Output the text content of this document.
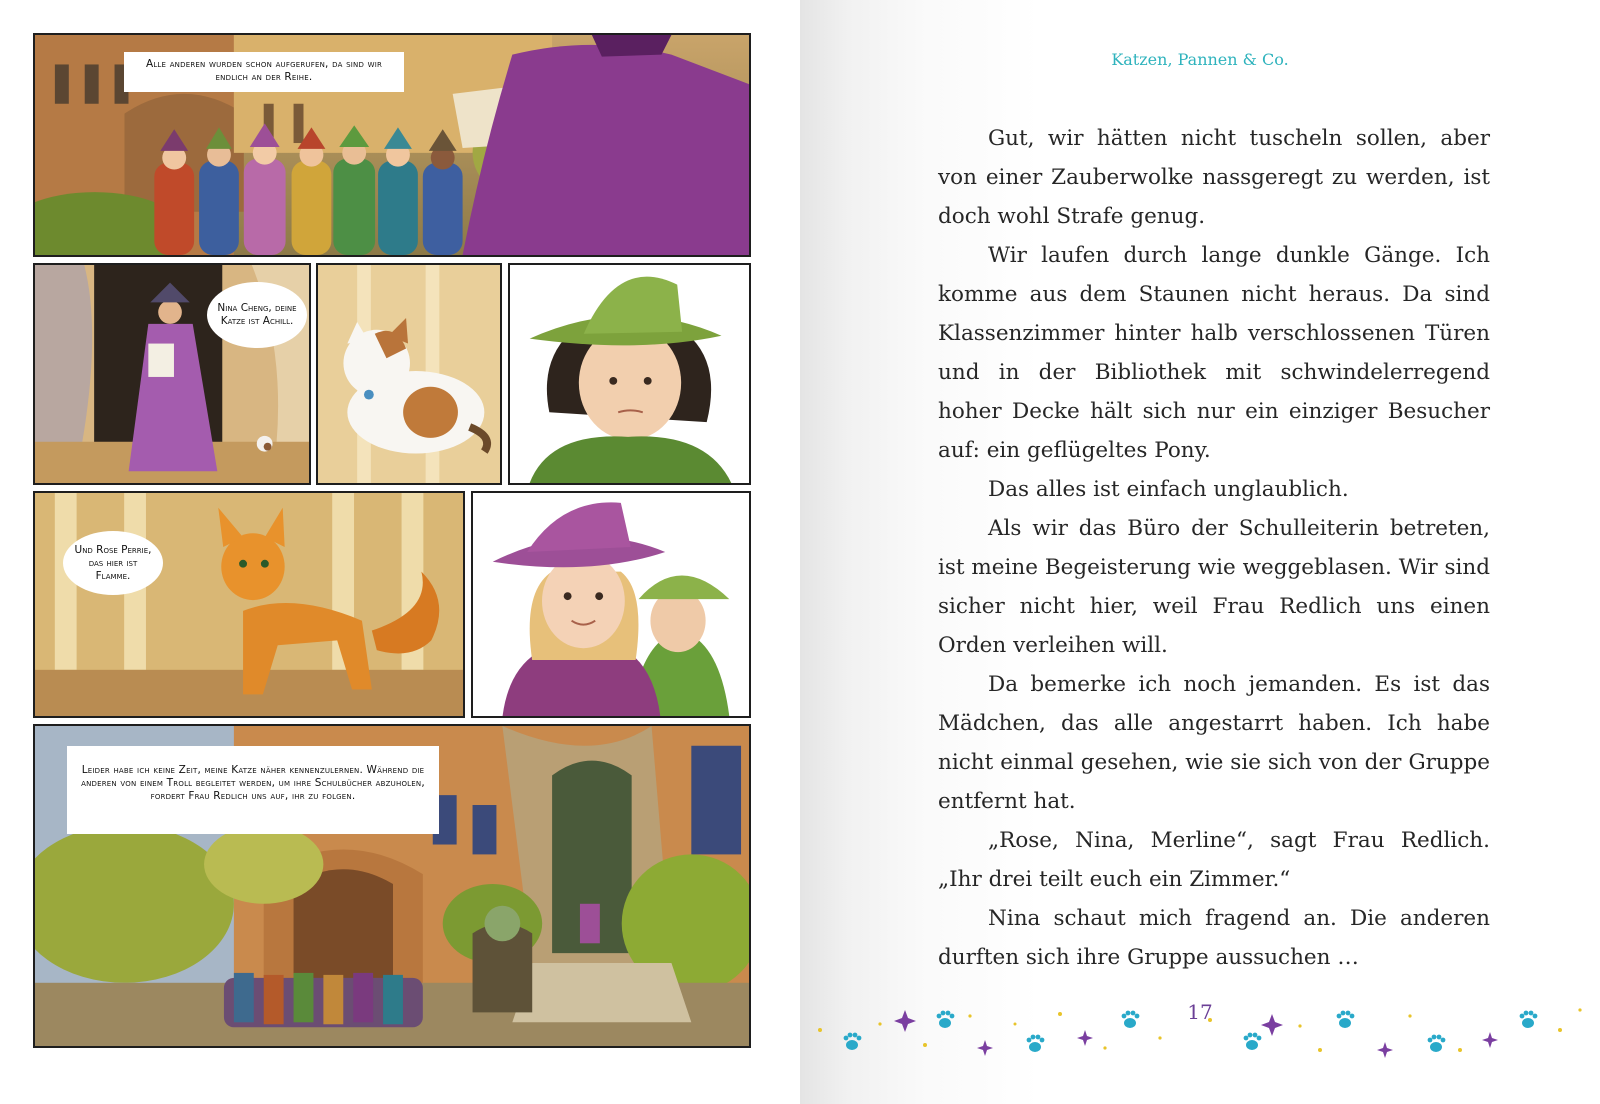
Alle anderen wurden schon aufgerufen, da sind wir endlich an der Reihe.
Nina Cheng, deine Katze ist Achill.
Und Rose Perrie, das hier ist Flamme.
Leider habe ich keine Zeit, meine Katze näher kennenzulernen. Während die anderen von einem Troll begleitet werden, um ihre Schulbücher abzuholen, fordert Frau Redlich uns auf, ihr zu folgen.
Katzen, Pannen & Co.

Gut, wir hätten nicht tuscheln sollen, aber von einer Zauberwolke nassgeregt zu werden, ist doch wohl Strafe genug.

Wir laufen durch lange dunkle Gänge. Ich komme aus dem Staunen nicht heraus. Da sind Klassenzimmer hinter halb verschlossenen Türen und in der Bibliothek mit schwindelerregend hoher Decke hält sich nur ein einziger Besucher auf: ein geflügeltes Pony.

Das alles ist einfach unglaublich.

Als wir das Büro der Schulleiterin betreten, ist meine Begeisterung wie weggeblasen. Wir sind sicher nicht hier, weil Frau Redlich uns einen Orden verleihen will.

Da bemerke ich noch jemanden. Es ist das Mädchen, das alle angestarrt haben. Ich habe nicht einmal gesehen, wie sie sich von der Gruppe entfernt hat.

„Rose, Nina, Merline“, sagt Frau Redlich. „Ihr drei teilt euch ein Zimmer.“

Nina schaut mich fragend an. Die anderen durften sich ihre Gruppe aussuchen …

17
